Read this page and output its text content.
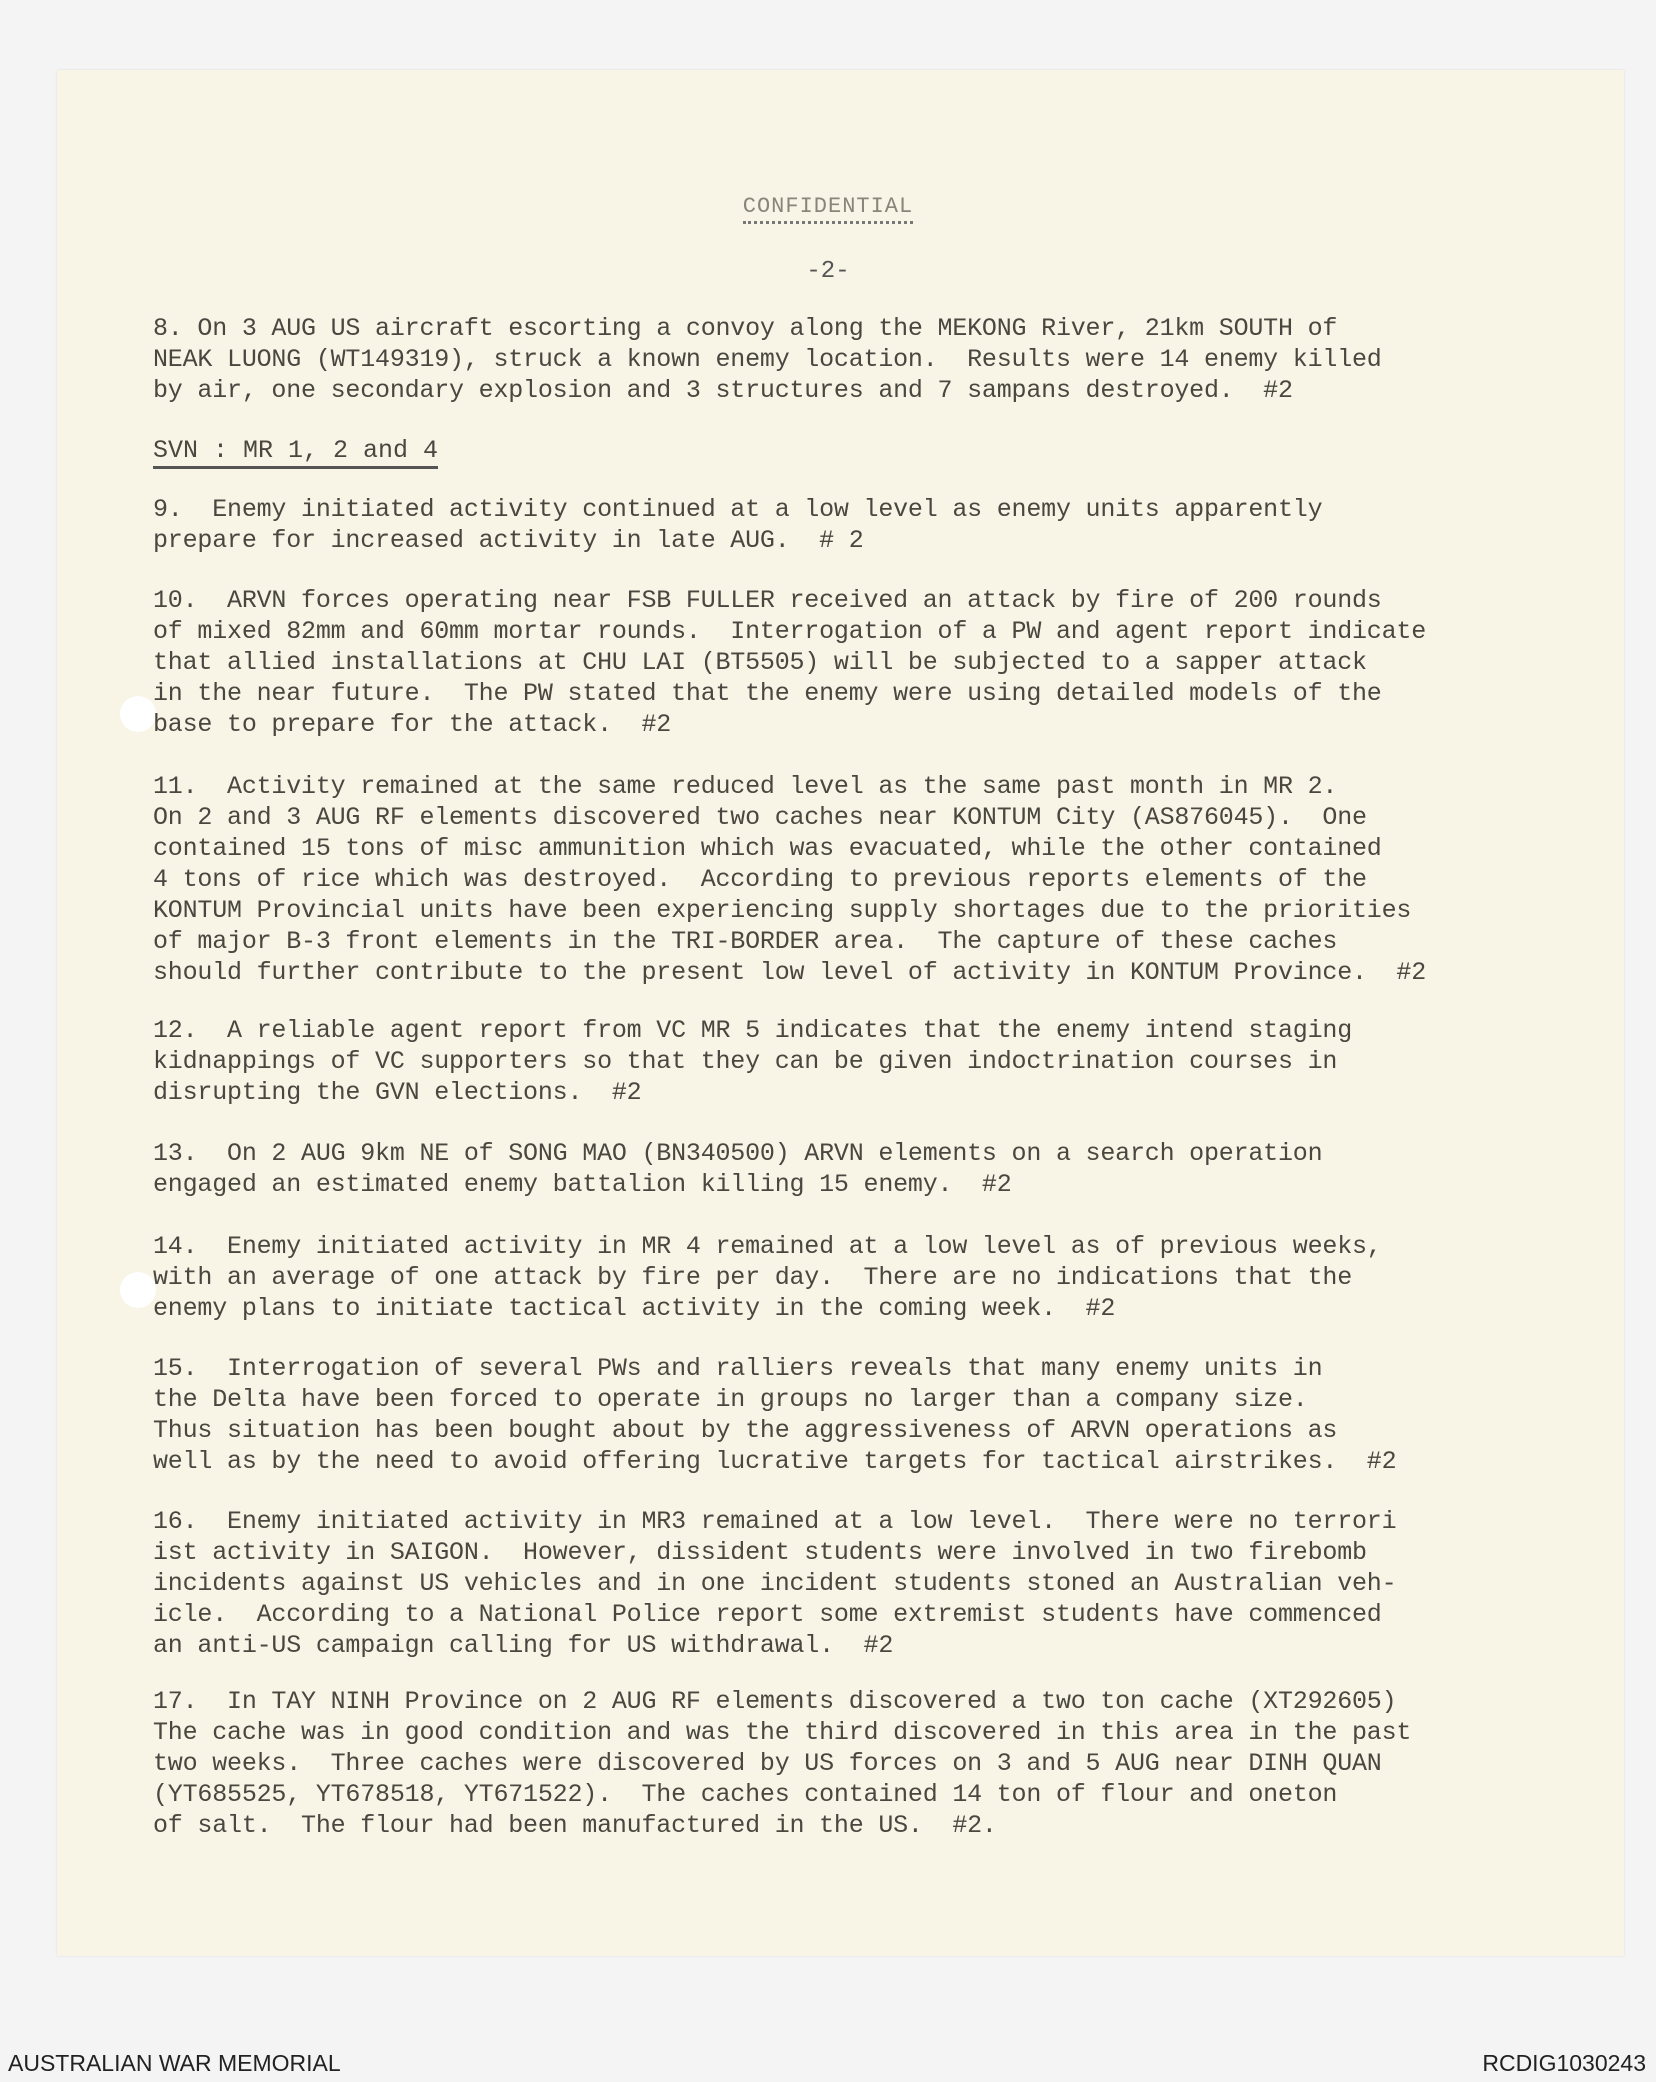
CONFIDENTIAL
-2-
8. On 3 AUG US aircraft escorting a convoy along the MEKONG River, 21km SOUTH of
NEAK LUONG (WT149319), struck a known enemy location.  Results were 14 enemy killed
by air, one secondary explosion and 3 structures and 7 sampans destroyed.  #2
SVN : MR 1, 2 and 4
9.  Enemy initiated activity continued at a low level as enemy units apparently
prepare for increased activity in late AUG.  # 2
10.  ARVN forces operating near FSB FULLER received an attack by fire of 200 rounds
of mixed 82mm and 60mm mortar rounds.  Interrogation of a PW and agent report indicate
that allied installations at CHU LAI (BT5505) will be subjected to a sapper attack
in the near future.  The PW stated that the enemy were using detailed models of the
base to prepare for the attack.  #2
11.  Activity remained at the same reduced level as the same past month in MR 2.
On 2 and 3 AUG RF elements discovered two caches near KONTUM City (AS876045).  One
contained 15 tons of misc ammunition which was evacuated, while the other contained
4 tons of rice which was destroyed.  According to previous reports elements of the
KONTUM Provincial units have been experiencing supply shortages due to the priorities
of major B-3 front elements in the TRI-BORDER area.  The capture of these caches
should further contribute to the present low level of activity in KONTUM Province.  #2
12.  A reliable agent report from VC MR 5 indicates that the enemy intend staging
kidnappings of VC supporters so that they can be given indoctrination courses in
disrupting the GVN elections.  #2
13.  On 2 AUG 9km NE of SONG MAO (BN340500) ARVN elements on a search operation
engaged an estimated enemy battalion killing 15 enemy.  #2
14.  Enemy initiated activity in MR 4 remained at a low level as of previous weeks,
with an average of one attack by fire per day.  There are no indications that the
enemy plans to initiate tactical activity in the coming week.  #2
15.  Interrogation of several PWs and ralliers reveals that many enemy units in
the Delta have been forced to operate in groups no larger than a company size.
Thus situation has been bought about by the aggressiveness of ARVN operations as
well as by the need to avoid offering lucrative targets for tactical airstrikes.  #2
16.  Enemy initiated activity in MR3 remained at a low level.  There were no terrori
ist activity in SAIGON.  However, dissident students were involved in two firebomb
incidents against US vehicles and in one incident students stoned an Australian veh-
icle.  According to a National Police report some extremist students have commenced
an anti-US campaign calling for US withdrawal.  #2
17.  In TAY NINH Province on 2 AUG RF elements discovered a two ton cache (XT292605)
The cache was in good condition and was the third discovered in this area in the past
two weeks.  Three caches were discovered by US forces on 3 and 5 AUG near DINH QUAN
(YT685525, YT678518, YT671522).  The caches contained 14 ton of flour and oneton
of salt.  The flour had been manufactured in the US.  #2.
AUSTRALIAN WAR MEMORIAL	RCDIG1030243
